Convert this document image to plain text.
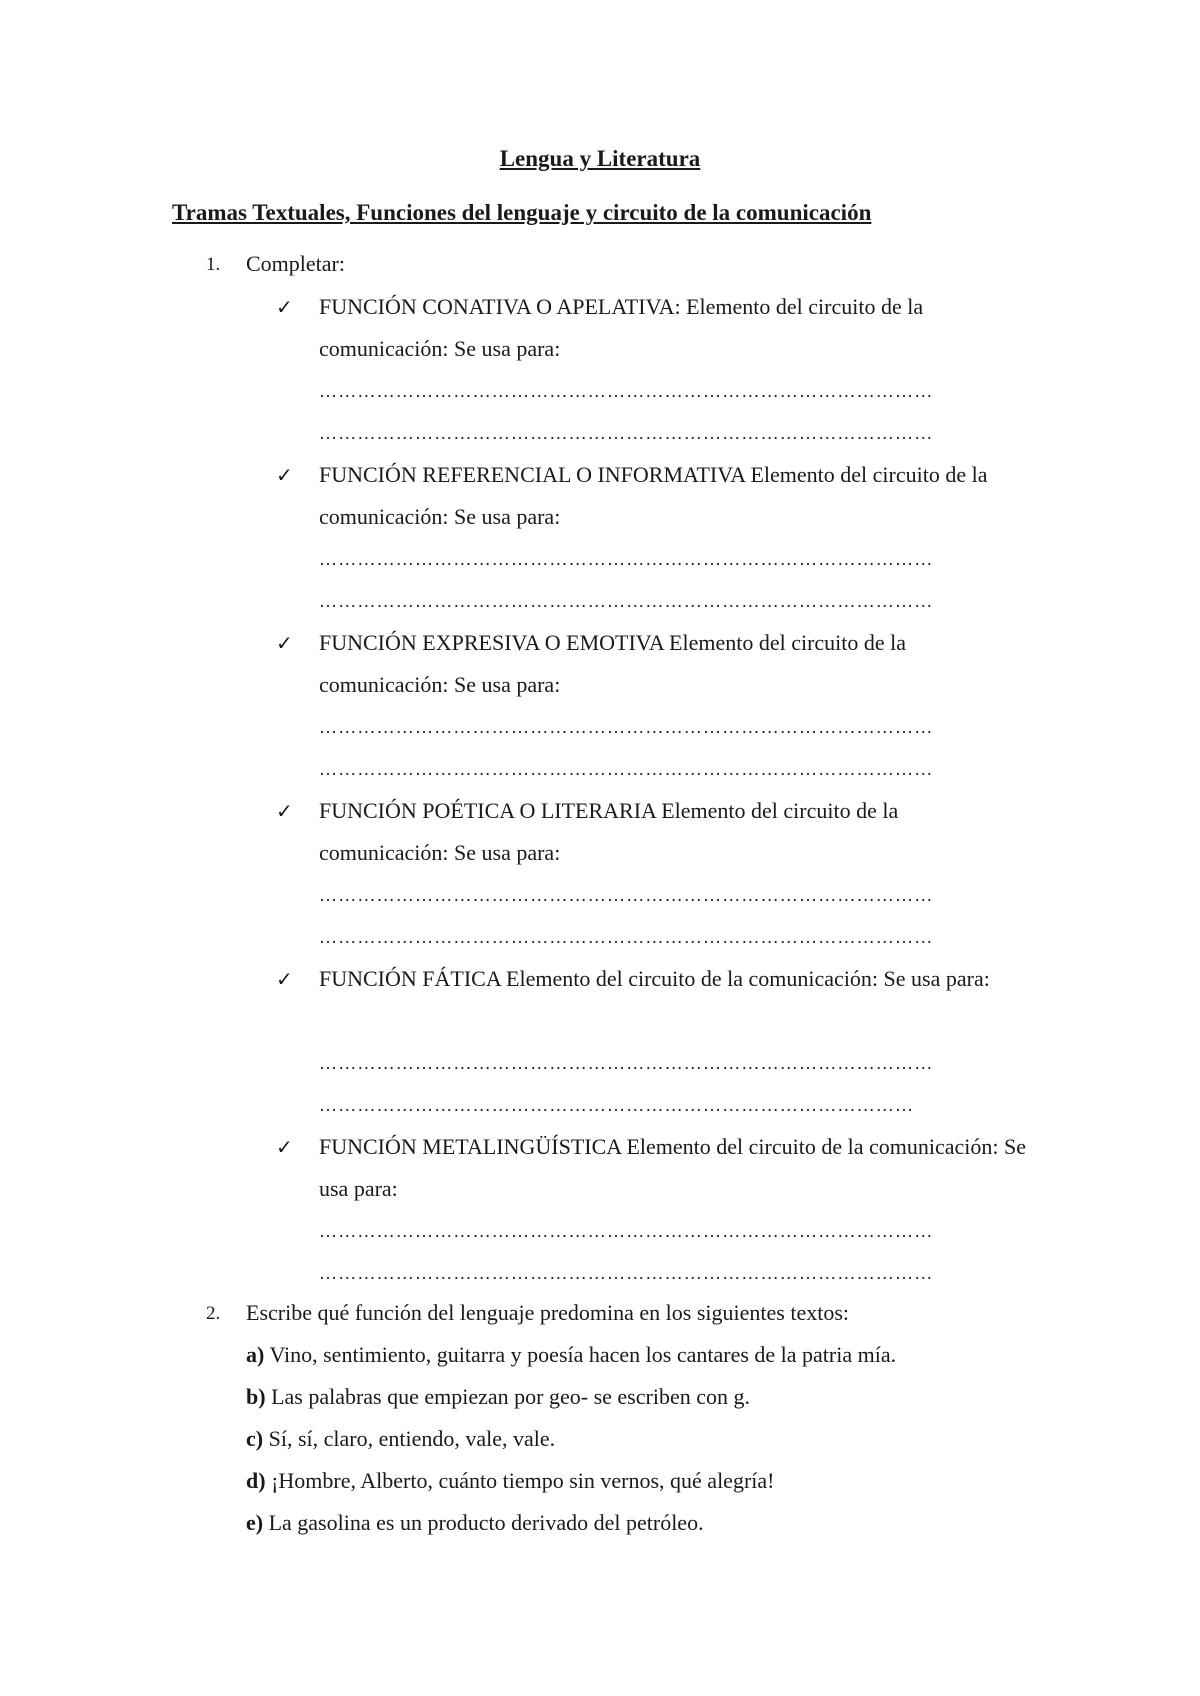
Lengua y Literatura
Tramas Textuales, Funciones del lenguaje y circuito de la comunicación
1. Completar:
✓ FUNCIÓN CONATIVA O APELATIVA: Elemento del circuito de la comunicación: Se usa para:
……………………………………………………………………………………
……………………………………………………………………………………
✓ FUNCIÓN REFERENCIAL O INFORMATIVA Elemento del circuito de la comunicación: Se usa para:
……………………………………………………………………………………
……………………………………………………………………………………
✓ FUNCIÓN EXPRESIVA O EMOTIVA Elemento del circuito de la comunicación: Se usa para:
……………………………………………………………………………………
……………………………………………………………………………………
✓ FUNCIÓN POÉTICA O LITERARIA Elemento del circuito de la comunicación: Se usa para:
……………………………………………………………………………………
……………………………………………………………………………………
✓ FUNCIÓN FÁTICA Elemento del circuito de la comunicación: Se usa para:
……………………………………………………………………………………
…………………………………………………………………………………
✓ FUNCIÓN METALINGÜÍSTICA Elemento del circuito de la comunicación: Se usa para:
……………………………………………………………………………………
……………………………………………………………………………………
2. Escribe qué función del lenguaje predomina en los siguientes textos:
a) Vino, sentimiento, guitarra y poesía hacen los cantares de la patria mía.
b) Las palabras que empiezan por geo- se escriben con g.
c) Sí, sí, claro, entiendo, vale, vale.
d) ¡Hombre, Alberto, cuánto tiempo sin vernos, qué alegría!
e) La gasolina es un producto derivado del petróleo.
